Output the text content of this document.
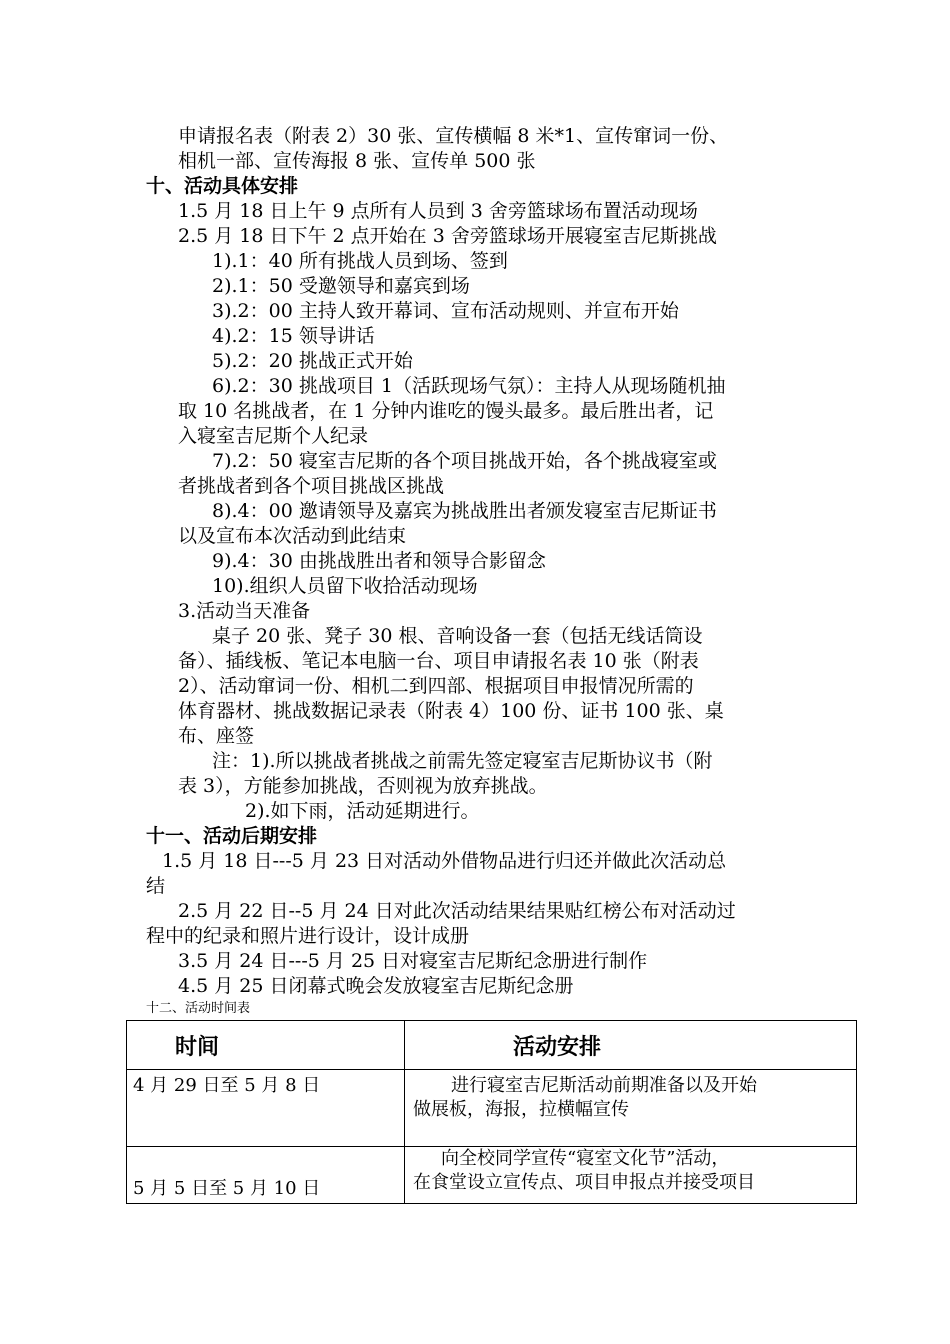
申请报名表（附表 2）30 张、宣传横幅 8 米*1、宣传窜词一份、
相机一部、宣传海报 8 张、宣传单 500 张
十、活动具体安排
1.5 月 18 日上午 9 点所有人员到 3 舍旁篮球场布置活动现场
2.5 月 18 日下午 2 点开始在 3 舍旁篮球场开展寝室吉尼斯挑战
1).1：40 所有挑战人员到场、签到
2).1：50 受邀领导和嘉宾到场
3).2：00 主持人致开幕词、宣布活动规则、并宣布开始
4).2：15 领导讲话
5).2：20 挑战正式开始
6).2：30 挑战项目 1（活跃现场气氛）：主持人从现场随机抽
取 10 名挑战者，在 1 分钟内谁吃的馒头最多。最后胜出者，记
入寝室吉尼斯个人纪录
7).2：50 寝室吉尼斯的各个项目挑战开始，各个挑战寝室或
者挑战者到各个项目挑战区挑战
8).4：00 邀请领导及嘉宾为挑战胜出者颁发寝室吉尼斯证书
以及宣布本次活动到此结束
9).4：30 由挑战胜出者和领导合影留念
10).组织人员留下收拾活动现场
3.活动当天准备
桌子 20 张、凳子 30 根、音响设备一套（包括无线话筒设
备）、插线板、笔记本电脑一台、项目申请报名表 10 张（附表
2）、活动窜词一份、相机二到四部、根据项目申报情况所需的
体育器材、挑战数据记录表（附表 4）100 份、证书 100 张、桌
布、座签
注：1).所以挑战者挑战之前需先签定寝室吉尼斯协议书（附
表 3），方能参加挑战，否则视为放弃挑战。
2).如下雨，活动延期进行。
十一、活动后期安排
1.5 月 18 日---5 月 23 日对活动外借物品进行归还并做此次活动总
结
2.5 月 22 日--5 月 24 日对此次活动结果结果贴红榜公布对活动过
程中的纪录和照片进行设计，设计成册
3.5 月 24 日---5 月 25 日对寝室吉尼斯纪念册进行制作
4.5 月 25 日闭幕式晚会发放寝室吉尼斯纪念册
十二、活动时间表
时间	活动安排
4 月 29 日至 5 月 8 日	进行寝室吉尼斯活动前期准备以及开始
做展板，海报，拉横幅宣传

5 月 5 日至 5 月 10 日	向全校同学宣传“寝室文化节”活动，
在食堂设立宣传点、项目申报点并接受项目
